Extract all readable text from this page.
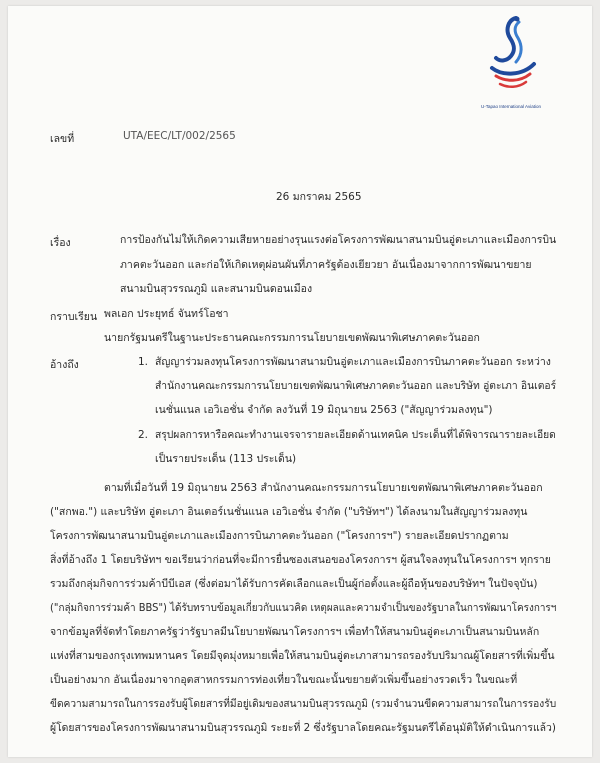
U-Tapao International Aviation
เลขที่	UTA/EEC/LT/002/2565
26 มกราคม 2565
เรื่อง	การป้องกันไม่ให้เกิดความเสียหายอย่างรุนแรงต่อโครงการพัฒนาสนามบินอู่ตะเภาและเมืองการบิน
ภาคตะวันออก และก่อให้เกิดเหตุผ่อนผันที่ภาครัฐต้องเยียวยา อันเนื่องมาจากการพัฒนาขยาย
สนามบินสุวรรณภูมิ และสนามบินดอนเมือง
กราบเรียน พลเอก ประยุทธ์ จันทร์โอชา
นายกรัฐมนตรีในฐานะประธานคณะกรรมการนโยบายเขตพัฒนาพิเศษภาคตะวันออก
อ้างถึง	1. สัญญาร่วมลงทุนโครงการพัฒนาสนามบินอู่ตะเภาและเมืองการบินภาคตะวันออก ระหว่าง
สำนักงานคณะกรรมการนโยบายเขตพัฒนาพิเศษภาคตะวันออก และบริษัท อู่ตะเภา อินเตอร์
เนชั่นแนล เอวิเอชั่น จำกัด ลงวันที่ 19 มิถุนายน 2563 ("สัญญาร่วมลงทุน")
2. สรุปผลการหารือคณะทำงานเจรจารายละเอียดด้านเทคนิค ประเด็นที่ได้พิจารณารายละเอียด
เป็นรายประเด็น (113 ประเด็น)
ตามที่เมื่อวันที่ 19 มิถุนายน 2563 สำนักงานคณะกรรมการนโยบายเขตพัฒนาพิเศษภาคตะวันออก
("สกพอ.") และบริษัท อู่ตะเภา อินเตอร์เนชั่นแนล เอวิเอชั่น จำกัด ("บริษัทฯ") ได้ลงนามในสัญญาร่วมลงทุน
โครงการพัฒนาสนามบินอู่ตะเภาและเมืองการบินภาคตะวันออก ("โครงการฯ") รายละเอียดปรากฏตาม
สิ่งที่อ้างถึง 1 โดยบริษัทฯ ขอเรียนว่าก่อนที่จะมีการยื่นซองเสนอของโครงการฯ ผู้สนใจลงทุนในโครงการฯ ทุกราย
รวมถึงกลุ่มกิจการร่วมค้าบีบีเอส (ซึ่งต่อมาได้รับการคัดเลือกและเป็นผู้ก่อตั้งและผู้ถือหุ้นของบริษัทฯ ในปัจจุบัน)
("กลุ่มกิจการร่วมค้า BBS") ได้รับทราบข้อมูลเกี่ยวกับแนวคิด เหตุผลและความจำเป็นของรัฐบาลในการพัฒนาโครงการฯ
จากข้อมูลที่จัดทำโดยภาครัฐว่ารัฐบาลมีนโยบายพัฒนาโครงการฯ เพื่อทำให้สนามบินอู่ตะเภาเป็นสนามบินหลัก
แห่งที่สามของกรุงเทพมหานคร โดยมีจุดมุ่งหมายเพื่อให้สนามบินอู่ตะเภาสามารถรองรับปริมาณผู้โดยสารที่เพิ่มขึ้น
เป็นอย่างมาก อันเนื่องมาจากอุตสาหกรรมการท่องเที่ยวในขณะนั้นขยายตัวเพิ่มขึ้นอย่างรวดเร็ว ในขณะที่
ขีดความสามารถในการรองรับผู้โดยสารที่มีอยู่เดิมของสนามบินสุวรรณภูมิ (รวมจำนวนขีดความสามารถในการรองรับ
ผู้โดยสารของโครงการพัฒนาสนามบินสุวรรณภูมิ ระยะที่ 2 ซึ่งรัฐบาลโดยคณะรัฐมนตรีได้อนุมัติให้ดำเนินการแล้ว)
